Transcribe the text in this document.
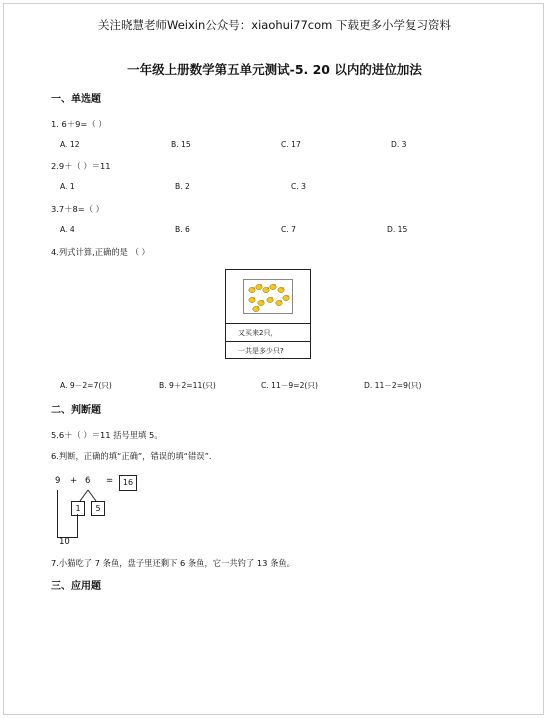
关注晓慧老师Weixin公众号：xiaohui77com 下载更多小学复习资料
一年级上册数学第五单元测试-5. 20 以内的进位加法
一、单选题
1. 6＋9=（ ）
A. 12	B. 15	C. 17	D. 3
2.9＋（ ）＝11
A. 1	B. 2	C. 3
3.7＋8=（ ）
A. 4	B. 6	C. 7	D. 15
4.列式计算,正确的是 （ ）
又买来2只，
一共是多少只?
A. 9－2=7(只)	B. 9＋2=11(只)	C. 11－9=2(只)	D. 11－2=9(只)
二、判断题
5.6＋（ ）＝11 括号里填 5。
6.判断，正确的填“正确”，错误的填“错误”.
9 + 6 =	16
1	5
10
7.小猫吃了 7 条鱼，盘子里还剩下 6 条鱼，它一共钓了 13 条鱼。
三、应用题
